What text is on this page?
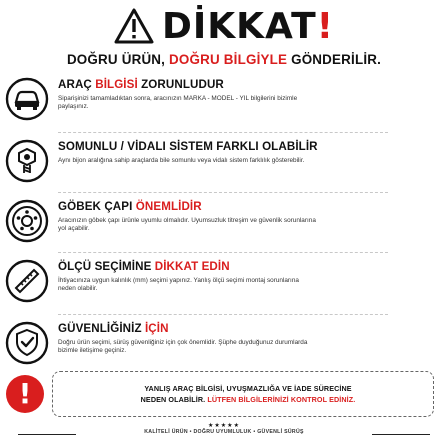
DİKKAT!
DOĞRU ÜRÜN, DOĞRU BİLGİYLE GÖNDERİLİR.
ARAÇ BİLGİSİ ZORUNLUDUR
Siparişinizi tamamladıktan sonra, aracınızın MARKA - MODEL - YIL bilgilerini bizimle paylaşınız.
SOMUNLU / VİDALI SİSTEM FARKLI OLABİLİR
Aynı bijon aralığına sahip araçlarda bile somunlu veya vidalı sistem farklılık gösterebilir.
GÖBEK ÇAPI ÖNEMLİDİR
Aracınızın göbek çapı ürünle uyumlu olmalıdır. Uyumsuzluk titreşim ve güvenlik sorunlarına yol açabilir.
ÖLÇÜ SEÇİMİNE DİKKAT EDİN
İhtiyacınıza uygun kalınlık (mm) seçimi yapınız. Yanlış ölçü seçimi montaj sorunlarına neden olabilir.
GÜVENLİĞİNİZ İÇİN
Doğru ürün seçimi, sürüş güvenliğiniz için çok önemlidir. Şüphe duyduğunuz durumlarda bizimle iletişime geçiniz.
!	YANLIŞ ARAÇ BİLGİSİ, UYUŞMAZLIĞA VE İADE SÜRECİNE
NEDEN OLABİLİR. LÜTFEN BİLGİLERİNİZİ KONTROL EDİNİZ.
★★★★★
KALİTELİ ÜRÜN • DOĞRU UYUMLULUK • GÜVENLİ SÜRÜŞ
